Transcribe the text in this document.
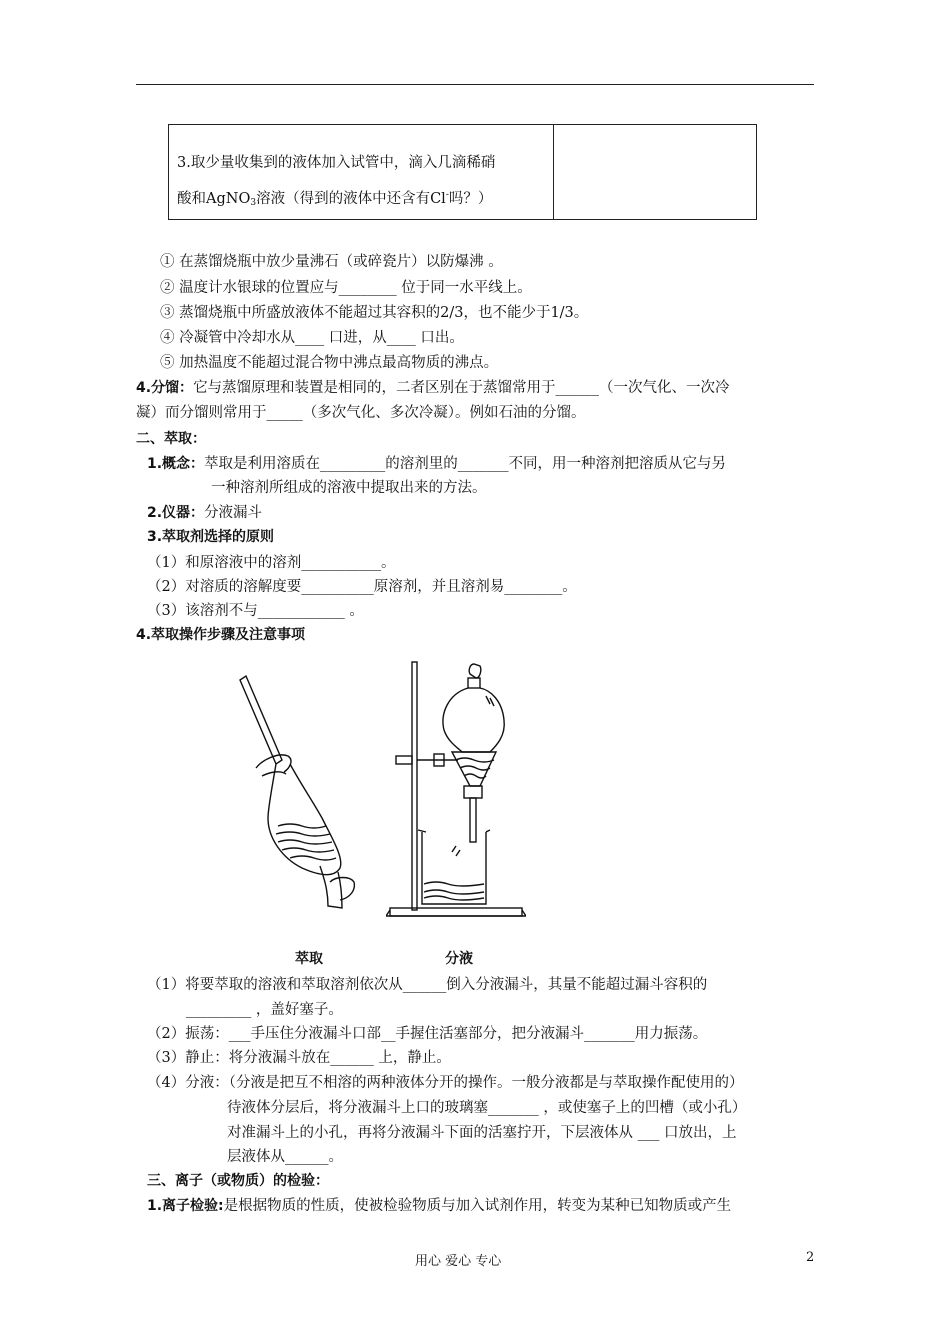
3.取少量收集到的液体加入试管中，滴入几滴稀硝
酸和AgNO$_3$溶液（得到的液体中还含有Cl-吗？）
① 在蒸馏烧瓶中放少量沸石（或碎瓷片）以防爆沸 。
② 温度计水银球的位置应与________ 位于同一水平线上。
③ 蒸馏烧瓶中所盛放液体不能超过其容积的2/3，也不能少于1/3。
④ 冷凝管中冷却水从____ 口进，从____ 口出。
⑤ 加热温度不能超过混合物中沸点最高物质的沸点。
4.分馏：它与蒸馏原理和装置是相同的，二者区别在于蒸馏常用于______（一次气化、一次冷
凝）而分馏则常用于_____（多次气化、多次冷凝）。例如石油的分馏。
二、萃取：
1.概念：萃取是利用溶质在_________的溶剂里的_______不同，用一种溶剂把溶质从它与另
一种溶剂所组成的溶液中提取出来的方法。
2.仪器：分液漏斗
3.萃取剂选择的原则
（1）和原溶液中的溶剂___________。
（2）对溶质的溶解度要__________原溶剂，并且溶剂易________。
（3）该溶剂不与____________ 。
4.萃取操作步骤及注意事项
萃取	分液
（1）将要萃取的溶液和萃取溶剂依次从______倒入分液漏斗，其量不能超过漏斗容积的
_________ ，盖好塞子。
（2）振荡：___手压住分液漏斗口部__手握住活塞部分，把分液漏斗_______用力振荡。
（3）静止：将分液漏斗放在______ 上，静止。
（4）分液：（分液是把互不相溶的两种液体分开的操作。一般分液都是与萃取操作配使用的）
待液体分层后，将分液漏斗上口的玻璃塞_______ ，或使塞子上的凹槽（或小孔）
对准漏斗上的小孔，再将分液漏斗下面的活塞拧开，下层液体从 ___ 口放出，上
层液体从______。
三、离子（或物质）的检验：
1.离子检验:是根据物质的性质，使被检验物质与加入试剂作用，转变为某种已知物质或产生
用心 爱心 专心	2
